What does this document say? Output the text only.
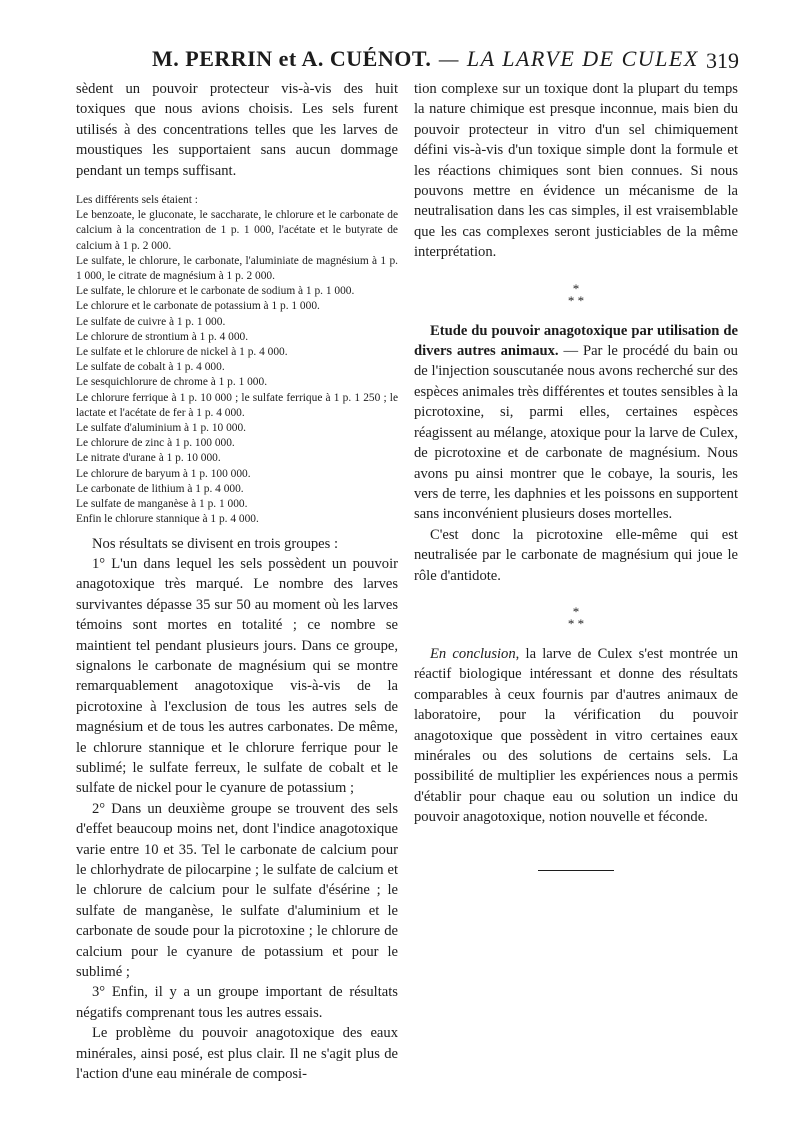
M. PERRIN et A. CUÉNOT. — LA LARVE DE CULEX 319

sèdent un pouvoir protecteur vis-à-vis des huit toxiques que nous avions choisis. Les sels furent utilisés à des concentrations telles que les larves de moustiques les supportaient sans aucun dommage pendant un temps suffisant.

Les différents sels étaient :

Le benzoate, le gluconate, le saccharate, le chlorure et le carbonate de calcium à la concentration de 1 p. 1 000, l'acétate et le butyrate de calcium à 1 p. 2 000.

Le sulfate, le chlorure, le carbonate, l'aluminiate de magnésium à 1 p. 1 000, le citrate de magnésium à 1 p. 2 000.

Le sulfate, le chlorure et le carbonate de sodium à 1 p. 1 000.

Le chlorure et le carbonate de potassium à 1 p. 1 000.

Le sulfate de cuivre à 1 p. 1 000.

Le chlorure de strontium à 1 p. 4 000.

Le sulfate et le chlorure de nickel à 1 p. 4 000.

Le sulfate de cobalt à 1 p. 4 000.

Le sesquichlorure de chrome à 1 p. 1 000.

Le chlorure ferrique à 1 p. 10 000 ; le sulfate ferrique à 1 p. 1 250 ; le lactate et l'acétate de fer à 1 p. 4 000.

Le sulfate d'aluminium à 1 p. 10 000.

Le chlorure de zinc à 1 p. 100 000.

Le nitrate d'urane à 1 p. 10 000.

Le chlorure de baryum à 1 p. 100 000.

Le carbonate de lithium à 1 p. 4 000.

Le sulfate de manganèse à 1 p. 1 000.

Enfin le chlorure stannique à 1 p. 4 000.

Nos résultats se divisent en trois groupes :

1° L'un dans lequel les sels possèdent un pouvoir anagotoxique très marqué. Le nombre des larves survivantes dépasse 35 sur 50 au moment où les larves témoins sont mortes en totalité ; ce nombre se maintient tel pendant plusieurs jours. Dans ce groupe, signalons le carbonate de magnésium qui se montre remarquablement anagotoxique vis-à-vis de la picrotoxine à l'exclusion de tous les autres sels de magnésium et de tous les autres carbonates. De même, le chlorure stannique et le chlorure ferrique pour le sublimé; le sulfate ferreux, le sulfate de cobalt et le sulfate de nickel pour le cyanure de potassium ;

2° Dans un deuxième groupe se trouvent des sels d'effet beaucoup moins net, dont l'indice anagotoxique varie entre 10 et 35. Tel le carbonate de calcium pour le chlorhydrate de pilocarpine ; le sulfate de calcium et le chlorure de calcium pour le sulfate d'ésérine ; le sulfate de manganèse, le sulfate d'aluminium et le carbonate de soude pour la picrotoxine ; le chlorure de calcium pour le cyanure de potassium et pour le sublimé ;

3° Enfin, il y a un groupe important de résultats négatifs comprenant tous les autres essais.

Le problème du pouvoir anagotoxique des eaux minérales, ainsi posé, est plus clair. Il ne s'agit plus de l'action d'une eau minérale de composi-

tion complexe sur un toxique dont la plupart du temps la nature chimique est presque inconnue, mais bien du pouvoir protecteur in vitro d'un sel chimiquement défini vis-à-vis d'un toxique simple dont la formule et les réactions chimiques sont bien connues. Si nous pouvons mettre en évidence un mécanisme de la neutralisation dans les cas simples, il est vraisemblable que les cas complexes seront justiciables de la même interprétation.

*
* *

Etude du pouvoir anagotoxique par utilisation de divers autres animaux. — Par le procédé du bain ou de l'injection souscutanée nous avons recherché sur des espèces animales très différentes et toutes sensibles à la picrotoxine, si, parmi elles, certaines espèces réagissent au mélange, atoxique pour la larve de Culex, de picrotoxine et de carbonate de magnésium. Nous avons pu ainsi montrer que le cobaye, la souris, les vers de terre, les daphnies et les poissons en supportent sans inconvénient plusieurs doses mortelles.

C'est donc la picrotoxine elle-même qui est neutralisée par le carbonate de magnésium qui joue le rôle d'antidote.

*
* *

En conclusion, la larve de Culex s'est montrée un réactif biologique intéressant et donne des résultats comparables à ceux fournis par d'autres animaux de laboratoire, pour la vérification du pouvoir anagotoxique que possèdent in vitro certaines eaux minérales ou des solutions de certains sels. La possibilité de multiplier les expériences nous a permis d'établir pour chaque eau ou solution un indice du pouvoir anagotoxique, notion nouvelle et féconde.
